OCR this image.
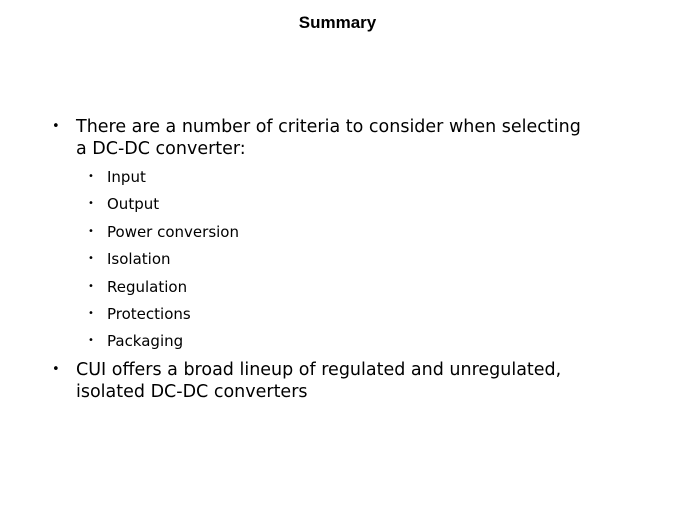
Summary
• There are a number of criteria to consider when selecting
a DC-DC converter:
• Input
• Output
• Power conversion
• Isolation
• Regulation
• Protections
• Packaging
• CUI offers a broad lineup of regulated and unregulated,
isolated DC-DC converters
